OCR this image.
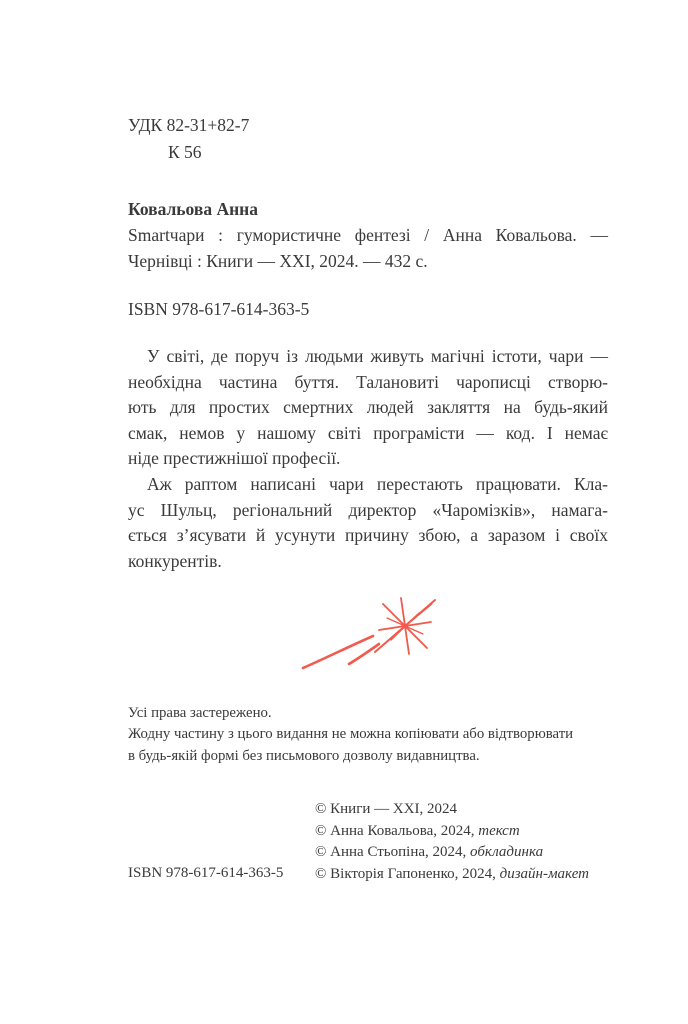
УДК 82-31+82-7
К 56
Ковальова Анна
Smartчари : гумористичне фентезі / Анна Ковальова. —
Чернівці : Книги — XXI, 2024. — 432 с.
ISBN 978-617-614-363-5
У світі, де поруч із людьми живуть магічні істоти, чари —
необхідна частина буття. Талановиті чарописці створю-
ють для простих смертних людей закляття на будь-який
смак, немов у нашому світі програмісти — код. І немає
ніде престижнішої професії.
Аж раптом написані чари перестають працювати. Кла-
ус Шульц, регіональний директор «Чаромізків», намага-
ється з’ясувати й усунути причину збою, а заразом і своїх
конкурентів.
Усі права застережено.
Жодну частину з цього видання не можна копіювати або відтворювати
в будь-якій формі без письмового дозволу видавництва.
© Книги — XXI, 2024
© Анна Ковальова, 2024, текст
© Анна Стьопіна, 2024, обкладинка
© Вікторія Гапоненко, 2024, дизайн-макет
ISBN 978-617-614-363-5
